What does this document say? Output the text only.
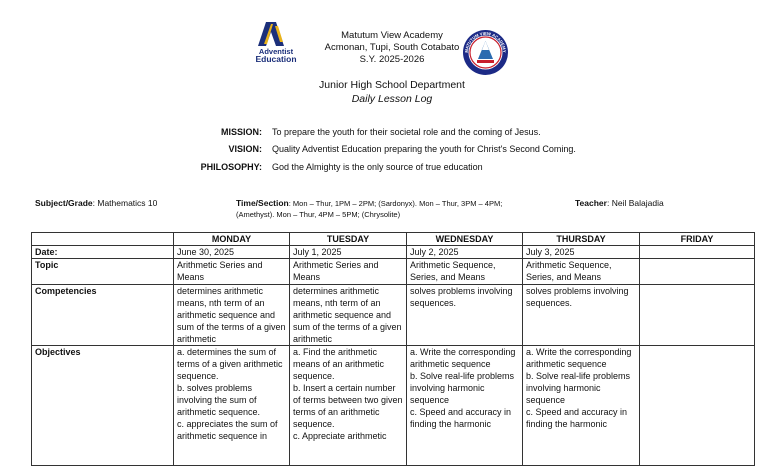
Adventist
Education
Matutum View Academy
Acmonan, Tupi, South Cotabato
S.Y. 2025-2026
MATUTUM VIEW ACADEMY
Junior High School Department
Daily Lesson Log
MISSION: To prepare the youth for their societal role and the coming of Jesus.
VISION: Quality Adventist Education preparing the youth for Christ's Second Coming.
PHILOSOPHY: God the Almighty is the only source of true education
Subject/Grade: Mathematics 10	Time/Section: Mon – Thur, 1PM – 2PM; (Sardonyx). Mon – Thur, 3PM – 4PM;
(Amethyst). Mon – Thur, 4PM – 5PM; (Chrysolite)
Teacher: Neil Balajadia
	MONDAY	TUESDAY	WEDNESDAY	THURSDAY	FRIDAY
Date:	June 30, 2025	July 1, 2025	July 2, 2025	July 3, 2025	
Topic	Arithmetic Series and Means	Arithmetic Series and Means	Arithmetic Sequence, Series, and Means	Arithmetic Sequence, Series, and Means	
Competencies	determines arithmetic means, nth term of an arithmetic sequence and sum of the terms of a given arithmetic	determines arithmetic means, nth term of an arithmetic sequence and sum of the terms of a given arithmetic	solves problems involving sequences.	solves problems involving sequences.	
Objectives	a. determines the sum of terms of a given arithmetic sequence.
b. solves problems involving the sum of arithmetic sequence.
c. appreciates the sum of arithmetic sequence in	a. Find the arithmetic means of an arithmetic sequence.
b. Insert a certain number of terms between two given terms of an arithmetic sequence.
c. Appreciate arithmetic	a. Write the corresponding arithmetic sequence
b. Solve real-life problems involving harmonic sequence
c. Speed and accuracy in finding the harmonic	a. Write the corresponding arithmetic sequence
b. Solve real-life problems involving harmonic sequence
c. Speed and accuracy in finding the harmonic	
